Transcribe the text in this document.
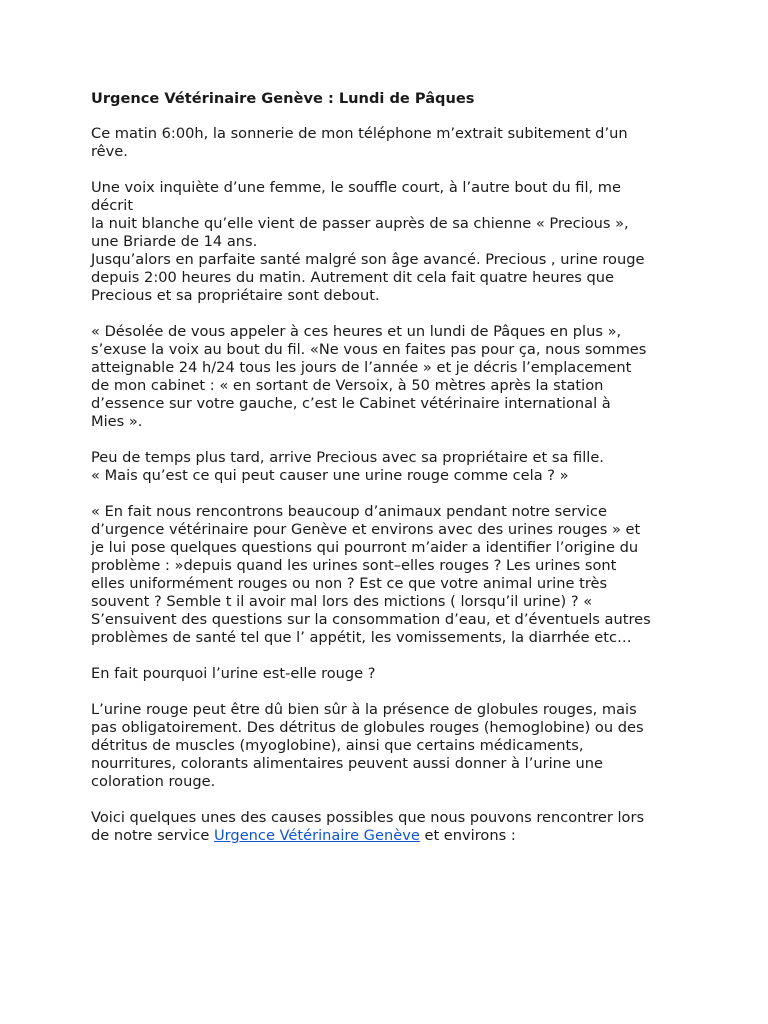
Urgence Vétérinaire Genève : Lundi de Pâques
Ce matin 6:00h, la sonnerie de mon téléphone m’extrait subitement d’un
rêve.
Une voix inquiète d’une femme, le souffle court, à l’autre bout du fil, me
décrit
la nuit blanche qu’elle vient de passer auprès de sa chienne « Precious »,
une Briarde de 14 ans.
Jusqu’alors en parfaite santé malgré son âge avancé. Precious , urine rouge
depuis 2:00 heures du matin. Autrement dit cela fait quatre heures que
Precious et sa propriétaire sont debout.
« Désolée de vous appeler à ces heures et un lundi de Pâques en plus »,
s’exuse la voix au bout du fil. «Ne vous en faites pas pour ça, nous sommes
atteignable 24 h/24 tous les jours de l’année » et je décris l’emplacement
de mon cabinet : « en sortant de Versoix, à 50 mètres après la station
d’essence sur votre gauche, c’est le Cabinet vétérinaire international à
Mies ».
Peu de temps plus tard, arrive Precious avec sa propriétaire et sa fille.
« Mais qu’est ce qui peut causer une urine rouge comme cela ? »
« En fait nous rencontrons beaucoup d’animaux pendant notre service
d’urgence vétérinaire pour Genève et environs avec des urines rouges » et
je lui pose quelques questions qui pourront m’aider a identifier l’origine du
problème : »depuis quand les urines sont–elles rouges ? Les urines sont
elles uniformément rouges ou non ? Est ce que votre animal urine très
souvent ? Semble t il avoir mal lors des mictions ( lorsqu’il urine) ? «
S’ensuivent des questions sur la consommation d’eau, et d’éventuels autres
problèmes de santé tel que l’ appétit, les vomissements, la diarrhée etc…
En fait pourquoi l’urine est-elle rouge ?
L’urine rouge peut être dû bien sûr à la présence de globules rouges, mais
pas obligatoirement. Des détritus de globules rouges (hemoglobine) ou des
détritus de muscles (myoglobine), ainsi que certains médicaments,
nourritures, colorants alimentaires peuvent aussi donner à l’urine une
coloration rouge.
Voici quelques unes des causes possibles que nous pouvons rencontrer lors
de notre service Urgence Vétérinaire Genève et environs :
